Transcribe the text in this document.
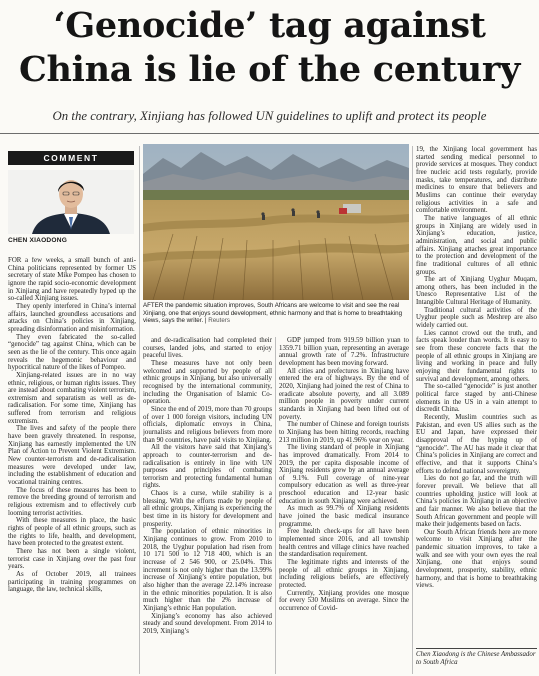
‘Genocide’ tag against
China is lie of the century

On the contrary, Xinjiang has followed UN guidelines to uplift and protect its people

COMMENT
CHEN XIAODONG
AFTER the pandemic situation improves, South Africans are welcome to visit and see the real Xinjiang, one that enjoys sound development, ethnic harmony and that is home to breathtaking views, says the writer. | Reuters

FOR a few weeks, a small bunch of anti-China politicians represented by former US secretary of state Mike Pompeo has chosen to ignore the rapid socio-economic development in Xinjiang and have repeatedly hyped up the so-called Xinjiang issues.

They openly interfered in China’s internal affairs, launched groundless accusations and attacks on China’s policies in Xinjiang, spreading disinformation and misinformation.

They even fabricated the so-called “genocide” tag against China, which can be seen as the lie of the century. This once again reveals the hegemonic behaviour and hypocritical nature of the likes of Pompeo.

Xinjiang-related issues are in no way ethnic, religious, or human rights issues. They are instead about combating violent terrorism, extremism and separatism as well as de-radicalisation. For some time, Xinjiang has suffered from terrorism and religious extremism.

The lives and safety of the people there have been gravely threatened. In response, Xinjiang has earnestly implemented the UN Plan of Action to Prevent Violent Extremism. New counter-terrorism and de-radicalisation measures were developed under law, including the establishment of education and vocational training centres.

The focus of these measures has been to remove the breeding ground of terrorism and religious extremism and to effectively curb looming terrorist activities.

With these measures in place, the basic rights of people of all ethnic groups, such as the rights to life, health, and development, have been protected to the greatest extent.

There has not been a single violent, terrorist case in Xinjiang over the past four years.

As of October 2019, all trainees participating in training programmes on language, the law, technical skills,

and de-radicalisation had completed their courses, landed jobs, and started to enjoy peaceful lives.

These measures have not only been welcomed and supported by people of all ethnic groups in Xinjiang, but also universally recognised by the international community, including the Organisation of Islamic Co-operation.

Since the end of 2019, more than 70 groups of over 1 000 foreign visitors, including UN officials, diplomatic envoys in China, journalists and religious believers from more than 90 countries, have paid visits to Xinjiang.

All the visitors have said that Xinjiang’s approach to counter-terrorism and de-radicalisation is entirely in line with UN purposes and principles of combating terrorism and protecting fundamental human rights.

Chaos is a curse, while stability is a blessing. With the efforts made by people of all ethnic groups, Xinjiang is experiencing the best time in its history for development and prosperity.

The population of ethnic minorities in Xinjiang continues to grow. From 2010 to 2018, the Uyghur population had risen from 10 171 500 to 12 718 400, which is an increase of 2 546 900, or 25.04%. This increment is not only higher than the 13.99% increase of Xinjiang’s entire population, but also higher than the average 22.14% increase in the ethnic minorities population. It is also much higher than the 2% increase of Xinjiang’s ethnic Han population.

Xinjiang’s economy has also achieved steady and sound development. From 2014 to 2019, Xinjiang’s

GDP jumped from 919.59 billion yuan to 1359.71 billion yuan, representing an average annual growth rate of 7.2%. Infrastructure development has been moving forward.

All cities and prefectures in Xinjiang have entered the era of highways. By the end of 2020, Xinjiang had joined the rest of China to eradicate absolute poverty, and all 3.089 million people in poverty under current standards in Xinjiang had been lifted out of poverty.

The number of Chinese and foreign tourists to Xinjiang has been hitting records, reaching 213 million in 2019, up 41.96% year on year.

The living standard of people in Xinjiang has improved dramatically. From 2014 to 2019, the per capita disposable income of Xinjiang residents grew by an annual average of 9.1%. Full coverage of nine-year compulsory education as well as three-year preschool education and 12-year basic education in south Xinjiang were achieved.

As much as 99.7% of Xinjiang residents have joined the basic medical insurance programme.

Free health check-ups for all have been implemented since 2016, and all township health centres and village clinics have reached the standardisation requirement.

The legitimate rights and interests of the people of all ethnic groups in Xinjiang, including religious beliefs, are effectively protected.

Currently, Xinjiang provides one mosque for every 530 Muslims on average. Since the occurrence of Covid-

19, the Xinjiang local government has started sending medical personnel to provide services at mosques. They conduct free nucleic acid tests regularly, provide masks, take temperatures, and distribute medicines to ensure that believers and Muslims can continue their everyday religious activities in a safe and comfortable environment.

The native languages of all ethnic groups in Xinjiang are widely used in Xinjiang’s education, justice, administration, and social and public affairs. Xinjiang attaches great importance to the protection and development of the fine traditional cultures of all ethnic groups.

The art of Xinjiang Uyghur Muqam, among others, has been included in the Unesco Representative List of the Intangible Cultural Heritage of Humanity.

Traditional cultural activities of the Uyghur people such as Meshrep are also widely carried out.

Lies cannot crowd out the truth, and facts speak louder than words. It is easy to see from these concrete facts that the people of all ethnic groups in Xinjiang are living and working in peace and fully enjoying their fundamental rights to survival and development, among others.

The so-called “genocide” is just another political farce staged by anti-Chinese elements in the US in a vain attempt to discredit China.

Recently, Muslim countries such as Pakistan, and even US allies such as the EU and Japan, have expressed their disapproval of the hyping up of “genocide”. The AU has made it clear that China’s policies in Xinjiang are correct and effective, and that it supports China’s efforts to defend national sovereignty.

Lies do not go far, and the truth will forever prevail. We believe that all countries upholding justice will look at China’s policies in Xinjiang in an objective and fair manner. We also believe that the South African government and people will make their judgements based on facts.

Our South African friends here are more welcome to visit Xinjiang after the pandemic situation improves, to take a walk and see with your own eyes the real Xinjiang, one that enjoys sound development, prosperity, stability, ethnic harmony, and that is home to breathtaking views.

Chen Xiaodong is the Chinese Ambassador to South Africa
